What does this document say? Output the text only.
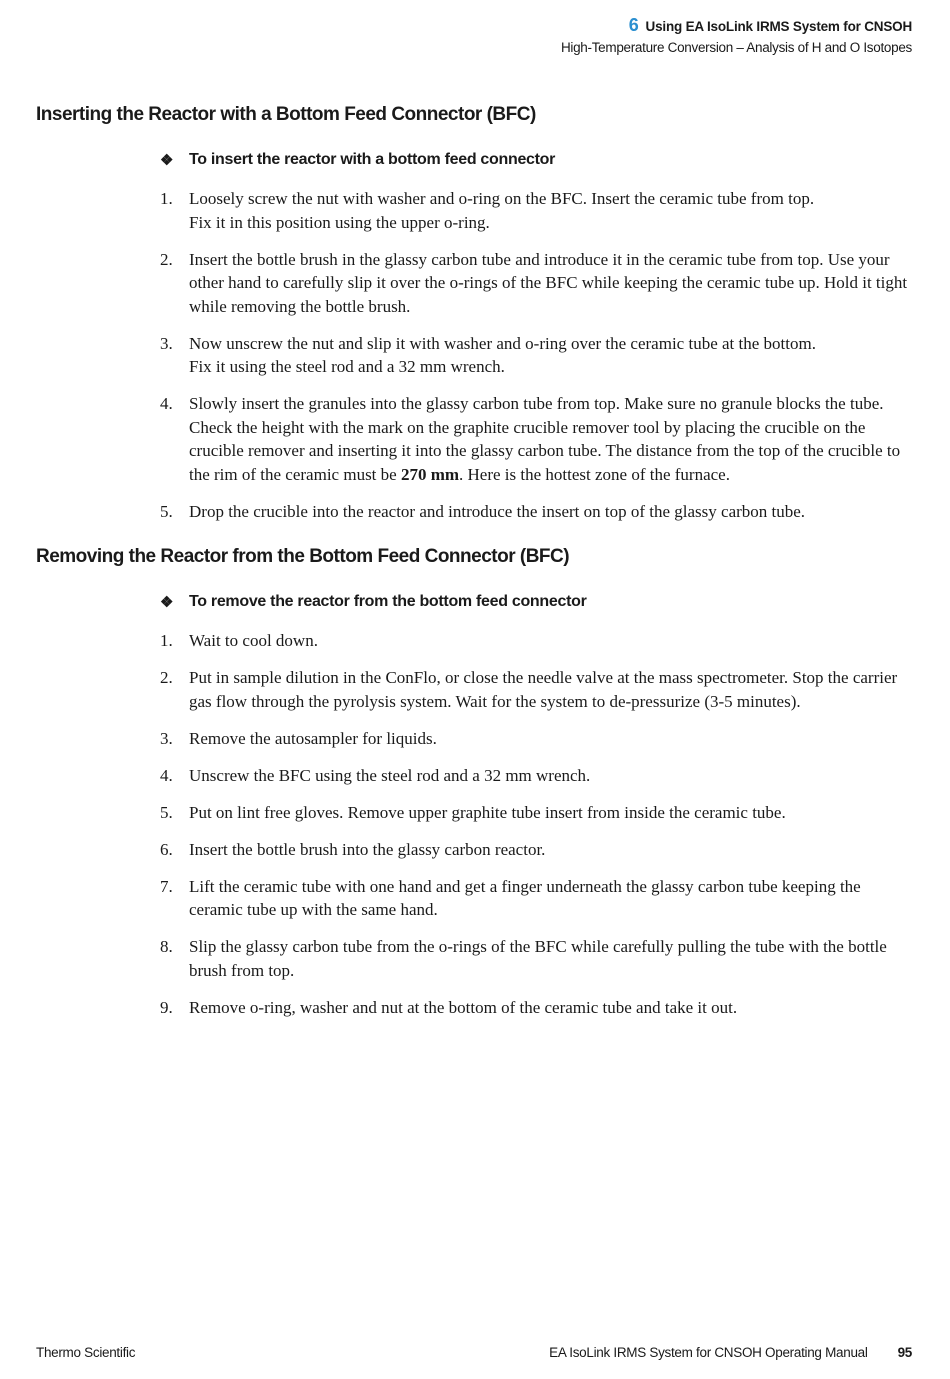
6 Using EA IsoLink IRMS System for CNSOH
High-Temperature Conversion – Analysis of H and O Isotopes
Inserting the Reactor with a Bottom Feed Connector (BFC)
❖ To insert the reactor with a bottom feed connector
1. Loosely screw the nut with washer and o-ring on the BFC. Insert the ceramic tube from top.
Fix it in this position using the upper o-ring.
2. Insert the bottle brush in the glassy carbon tube and introduce it in the ceramic tube from top. Use your other hand to carefully slip it over the o-rings of the BFC while keeping the ceramic tube up. Hold it tight while removing the bottle brush.
3. Now unscrew the nut and slip it with washer and o-ring over the ceramic tube at the bottom.
Fix it using the steel rod and a 32 mm wrench.
4. Slowly insert the granules into the glassy carbon tube from top. Make sure no granule blocks the tube. Check the height with the mark on the graphite crucible remover tool by placing the crucible on the crucible remover and inserting it into the glassy carbon tube. The distance from the top of the crucible to the rim of the ceramic must be 270 mm. Here is the hottest zone of the furnace.
5. Drop the crucible into the reactor and introduce the insert on top of the glassy carbon tube.
Removing the Reactor from the Bottom Feed Connector (BFC)
❖ To remove the reactor from the bottom feed connector
1. Wait to cool down.
2. Put in sample dilution in the ConFlo, or close the needle valve at the mass spectrometer. Stop the carrier gas flow through the pyrolysis system. Wait for the system to de-pressurize (3-5 minutes).
3. Remove the autosampler for liquids.
4. Unscrew the BFC using the steel rod and a 32 mm wrench.
5. Put on lint free gloves. Remove upper graphite tube insert from inside the ceramic tube.
6. Insert the bottle brush into the glassy carbon reactor.
7. Lift the ceramic tube with one hand and get a finger underneath the glassy carbon tube keeping the ceramic tube up with the same hand.
8. Slip the glassy carbon tube from the o-rings of the BFC while carefully pulling the tube with the bottle brush from top.
9. Remove o-ring, washer and nut at the bottom of the ceramic tube and take it out.
Thermo Scientific	EA IsoLink IRMS System for CNSOH Operating Manual 95
